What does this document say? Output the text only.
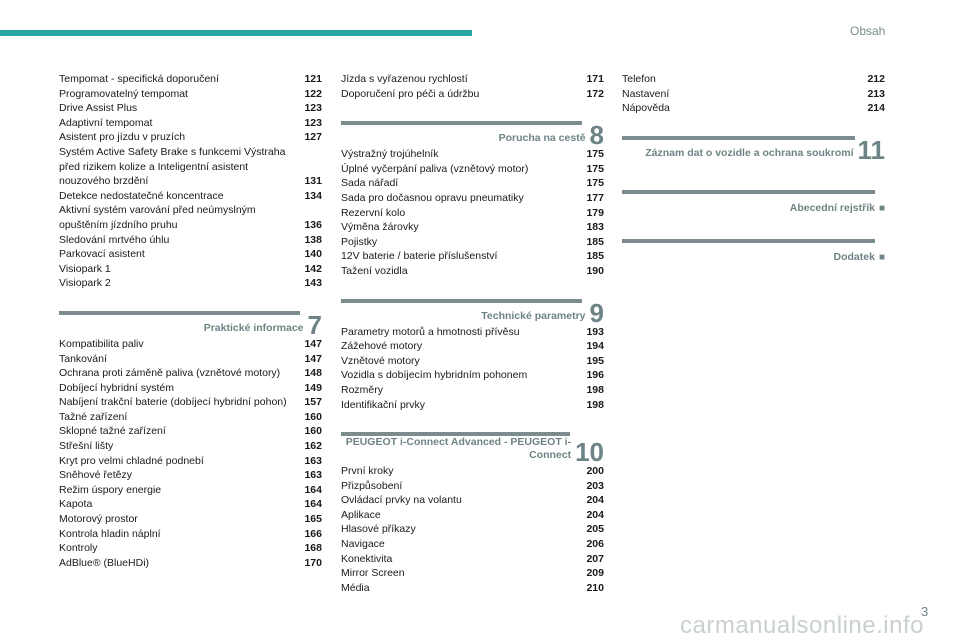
Obsah
Tempomat - specifická doporučení	121
Programovatelný tempomat	122
Drive Assist Plus	123
Adaptivní tempomat	123
Asistent pro jízdu v pruzích	127
Systém Active Safety Brake s funkcemi Výstraha před rizikem kolize a Inteligentní asistent nouzového brzdění	131
Detekce nedostatečné koncentrace	134
Aktivní systém varování před neúmyslným opuštěním jízdního pruhu	136
Sledování mrtvého úhlu	138
Parkovací asistent	140
Visiopark 1	142
Visiopark 2	143
Praktické informace 7
Kompatibilita paliv	147
Tankování	147
Ochrana proti záměně paliva (vznětové motory)	148
Dobíjecí hybridní systém	149
Nabíjení trakční baterie (dobíjecí hybridní pohon)	157
Tažné zařízení	160
Sklopné tažné zařízení	160
Střešní lišty	162
Kryt pro velmi chladné podnebí	163
Sněhové řetězy	163
Režim úspory energie	164
Kapota	164
Motorový prostor	165
Kontrola hladin náplní	166
Kontroly	168
AdBlue® (BlueHDi)	170
Jízda s vyřazenou rychlostí	171
Doporučení pro péči a údržbu	172
Porucha na cestě 8
Výstražný trojúhelník	175
Úplné vyčerpání paliva (vznětový motor)	175
Sada nářadí	175
Sada pro dočasnou opravu pneumatiky	177
Rezervní kolo	179
Výměna žárovky	183
Pojistky	185
12V baterie / baterie příslušenství	185
Tažení vozidla	190
Technické parametry 9
Parametry motorů a hmotnosti přívěsu	193
Zážehové motory	194
Vznětové motory	195
Vozidla s dobíjecím hybridním pohonem	196
Rozměry	198
Identifikační prvky	198
PEUGEOT i-Connect Advanced - PEUGEOT i-Connect 10
První kroky	200
Přizpůsobení	203
Ovládací prvky na volantu	204
Aplikace	204
Hlasové příkazy	205
Navigace	206
Konektivita	207
Mirror Screen	209
Média	210
Telefon	212
Nastavení	213
Nápověda	214
Záznam dat o vozidle a ochrana soukromí 11
Abecední rejstřík ■
Dodatek ■
3
carmanualsonline.info
